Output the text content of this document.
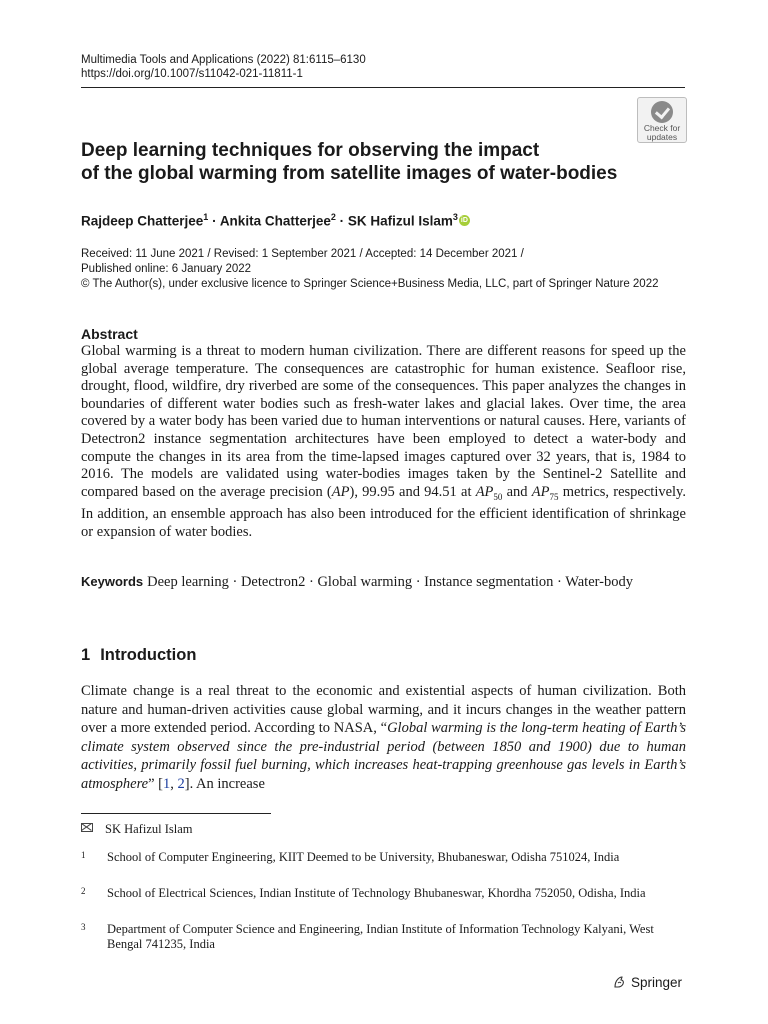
Multimedia Tools and Applications (2022) 81:6115–6130
https://doi.org/10.1007/s11042-021-11811-1
Check for
updates
Deep learning techniques for observing the impact
of the global warming from satellite images of water-bodies
Rajdeep Chatterjee$^1$ · Ankita Chatterjee$^2$ · SK Hafizul Islam$^3$ iD
Received: 11 June 2021 / Revised: 1 September 2021 / Accepted: 14 December 2021 /
Published online: 6 January 2022
© The Author(s), under exclusive licence to Springer Science+Business Media, LLC, part of Springer Nature 2022
Abstract

Global warming is a threat to modern human civilization. There are different reasons for speed up the global average temperature. The consequences are catastrophic for human existence. Seafloor rise, drought, flood, wildfire, dry riverbed are some of the consequences. This paper analyzes the changes in boundaries of different water bodies such as fresh-water lakes and glacial lakes. Over time, the area covered by a water body has been varied due to human interventions or natural causes. Here, variants of Detectron2 instance segmentation architectures have been employed to detect a water-body and compute the changes in its area from the time-lapsed images captured over 32 years, that is, 1984 to 2016. The models are validated using water-bodies images taken by the Sentinel-2 Satellite and compared based on the average precision (AP), 99.95 and 94.51 at $AP_{50}$ and $AP_{75}$ metrics, respectively. In addition, an ensemble approach has also been introduced for the efficient identification of shrinkage or expansion of water bodies.

Keywords Deep learning · Detectron2 · Global warming · Instance segmentation · Water-body

1 Introduction

Climate change is a real threat to the economic and existential aspects of human civilization. Both nature and human-driven activities cause global warming, and it incurs changes in the weather pattern over a more extended period. According to NASA, “Global warming is the long-term heating of Earth’s climate system observed since the pre-industrial period (between 1850 and 1900) due to human activities, primarily fossil fuel burning, which increases heat-trapping greenhouse gas levels in Earth’s atmosphere” [1, 2]. An increase

SK Hafizul Islam
1 School of Computer Engineering, KIIT Deemed to be University, Bhubaneswar, Odisha 751024, India
2 School of Electrical Sciences, Indian Institute of Technology Bhubaneswar, Khordha 752050, Odisha, India
3 Department of Computer Science and Engineering, Indian Institute of Information Technology Kalyani, West Bengal 741235, India
Springer
